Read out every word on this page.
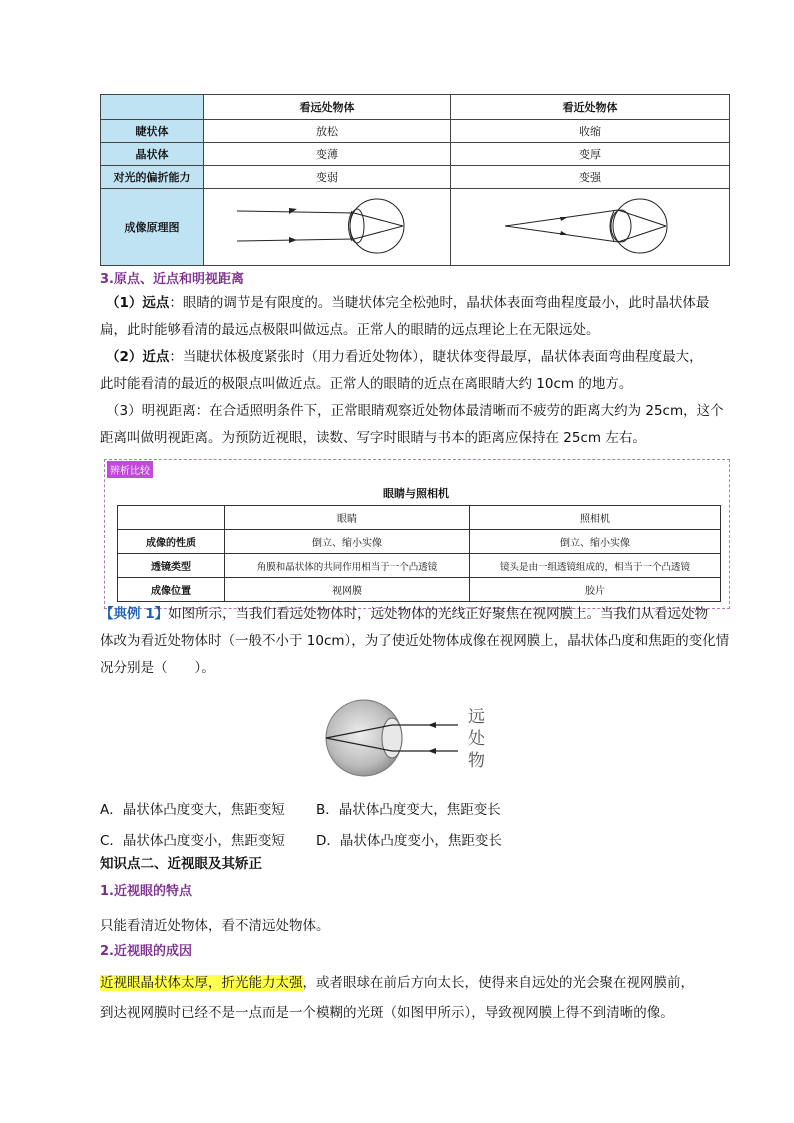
	看远处物体	看近处物体
睫状体	放松	收缩
晶状体	变薄	变厚
对光的偏折能力	变弱	变强
成像原理图		
3.原点、近点和明视距离
（1）远点：眼睛的调节是有限度的。当睫状体完全松弛时，晶状体表面弯曲程度最小，此时晶状体最
扁，此时能够看清的最远点极限叫做远点。正常人的眼睛的远点理论上在无限远处。
（2）近点：当睫状体极度紧张时（用力看近处物体），睫状体变得最厚，晶状体表面弯曲程度最大，
此时能看清的最近的极限点叫做近点。正常人的眼睛的近点在离眼睛大约 10cm 的地方。
（3）明视距离：在合适照明条件下，正常眼睛观察近处物体最清晰而不疲劳的距离大约为 25cm，这个
距离叫做明视距离。为预防近视眼，读数、写字时眼睛与书本的距离应保持在 25cm 左右。
辨析比较
眼睛与照相机
	眼睛	照相机
成像的性质	倒立、缩小实像	倒立、缩小实像
透镜类型	角膜和晶状体的共同作用相当于一个凸透镜	镜头是由一组透镜组成的，相当于一个凸透镜
成像位置	视网膜	胶片
【典例 1】如图所示，当我们看远处物体时，远处物体的光线正好聚焦在视网膜上。当我们从看远处物
体改为看近处物体时（一般不小于 10cm），为了使近处物体成像在视网膜上，晶状体凸度和焦距的变化情
况分别是（　　）。
远
处
物
A．晶状体凸度变大，焦距变短 B．晶状体凸度变大，焦距变长
C．晶状体凸度变小，焦距变短 D．晶状体凸度变小，焦距变长
知识点二、近视眼及其矫正
1.近视眼的特点
只能看清近处物体，看不清远处物体。
2.近视眼的成因
近视眼晶状体太厚，折光能力太强，或者眼球在前后方向太长，使得来自远处的光会聚在视网膜前，
到达视网膜时已经不是一点而是一个模糊的光斑（如图甲所示），导致视网膜上得不到清晰的像。
